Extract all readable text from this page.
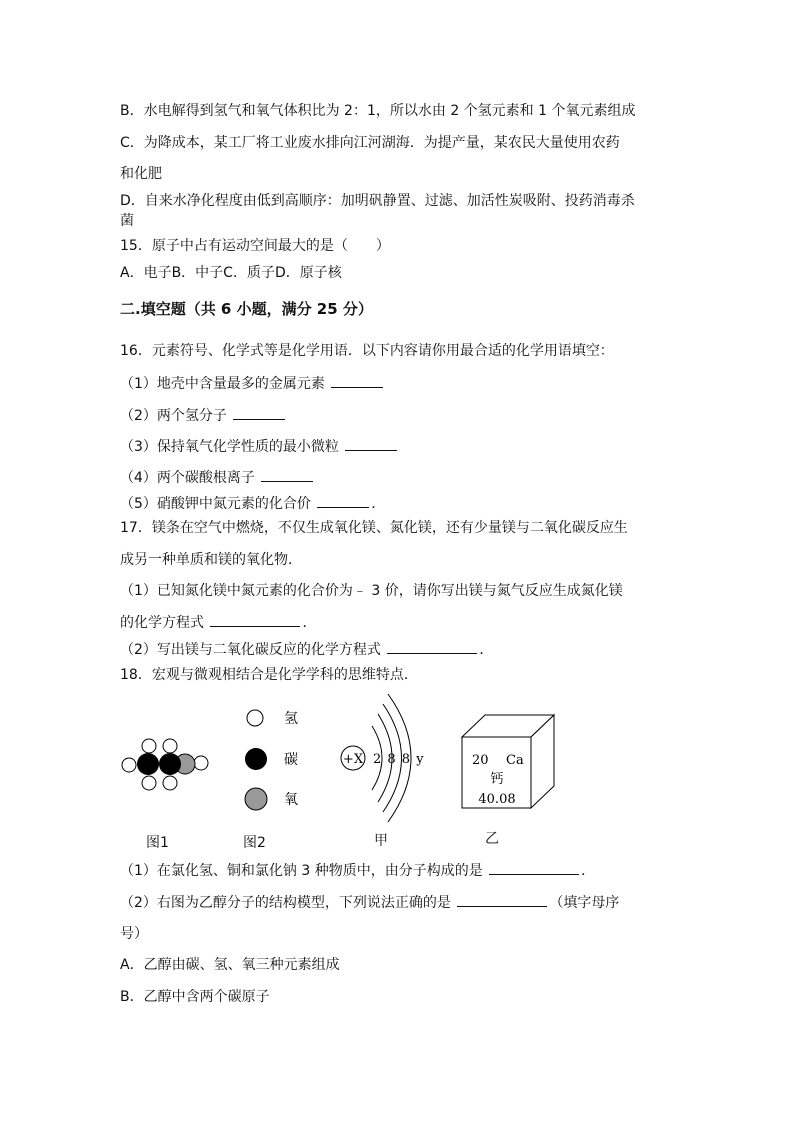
B．水电解得到氢气和氧气体积比为 2：1，所以水由 2 个氢元素和 1 个氧元素组成
C．为降成本，某工厂将工业废水排向江河湖海．为提产量，某农民大量使用农药
和化肥
D．自来水净化程度由低到高顺序：加明矾静置、过滤、加活性炭吸附、投药消毒杀
菌
15．原子中占有运动空间最大的是（　　）
A．电子B．中子C．质子D．原子核
二.填空题（共 6 小题，满分 25 分）
16．元素符号、化学式等是化学用语．以下内容请你用最合适的化学用语填空：
（1）地壳中含量最多的金属元素
（2）两个氢分子
（3）保持氧气化学性质的最小微粒
（4）两个碳酸根离子
（5）硝酸钾中氮元素的化合价	．
17．镁条在空气中燃烧，不仅生成氧化镁、氮化镁，还有少量镁与二氧化碳反应生
成另一种单质和镁的氧化物．
（1）已知氮化镁中氮元素的化合价为﹣ 3 价，请你写出镁与氮气反应生成氮化镁
的化学方程式	．
（2）写出镁与二氧化碳反应的化学方程式	．
18．宏观与微观相结合是化学学科的思维特点．
氢
碳
氧
+X 2 8 8 y	20 Ca
钙
40.08
图1	图2	甲	乙
（1）在氯化氢、铜和氯化钠 3 种物质中，由分子构成的是	．
（2）右图为乙醇分子的结构模型，下列说法正确的是	（填字母序
号）
A．乙醇由碳、氢、氧三种元素组成
B．乙醇中含两个碳原子
